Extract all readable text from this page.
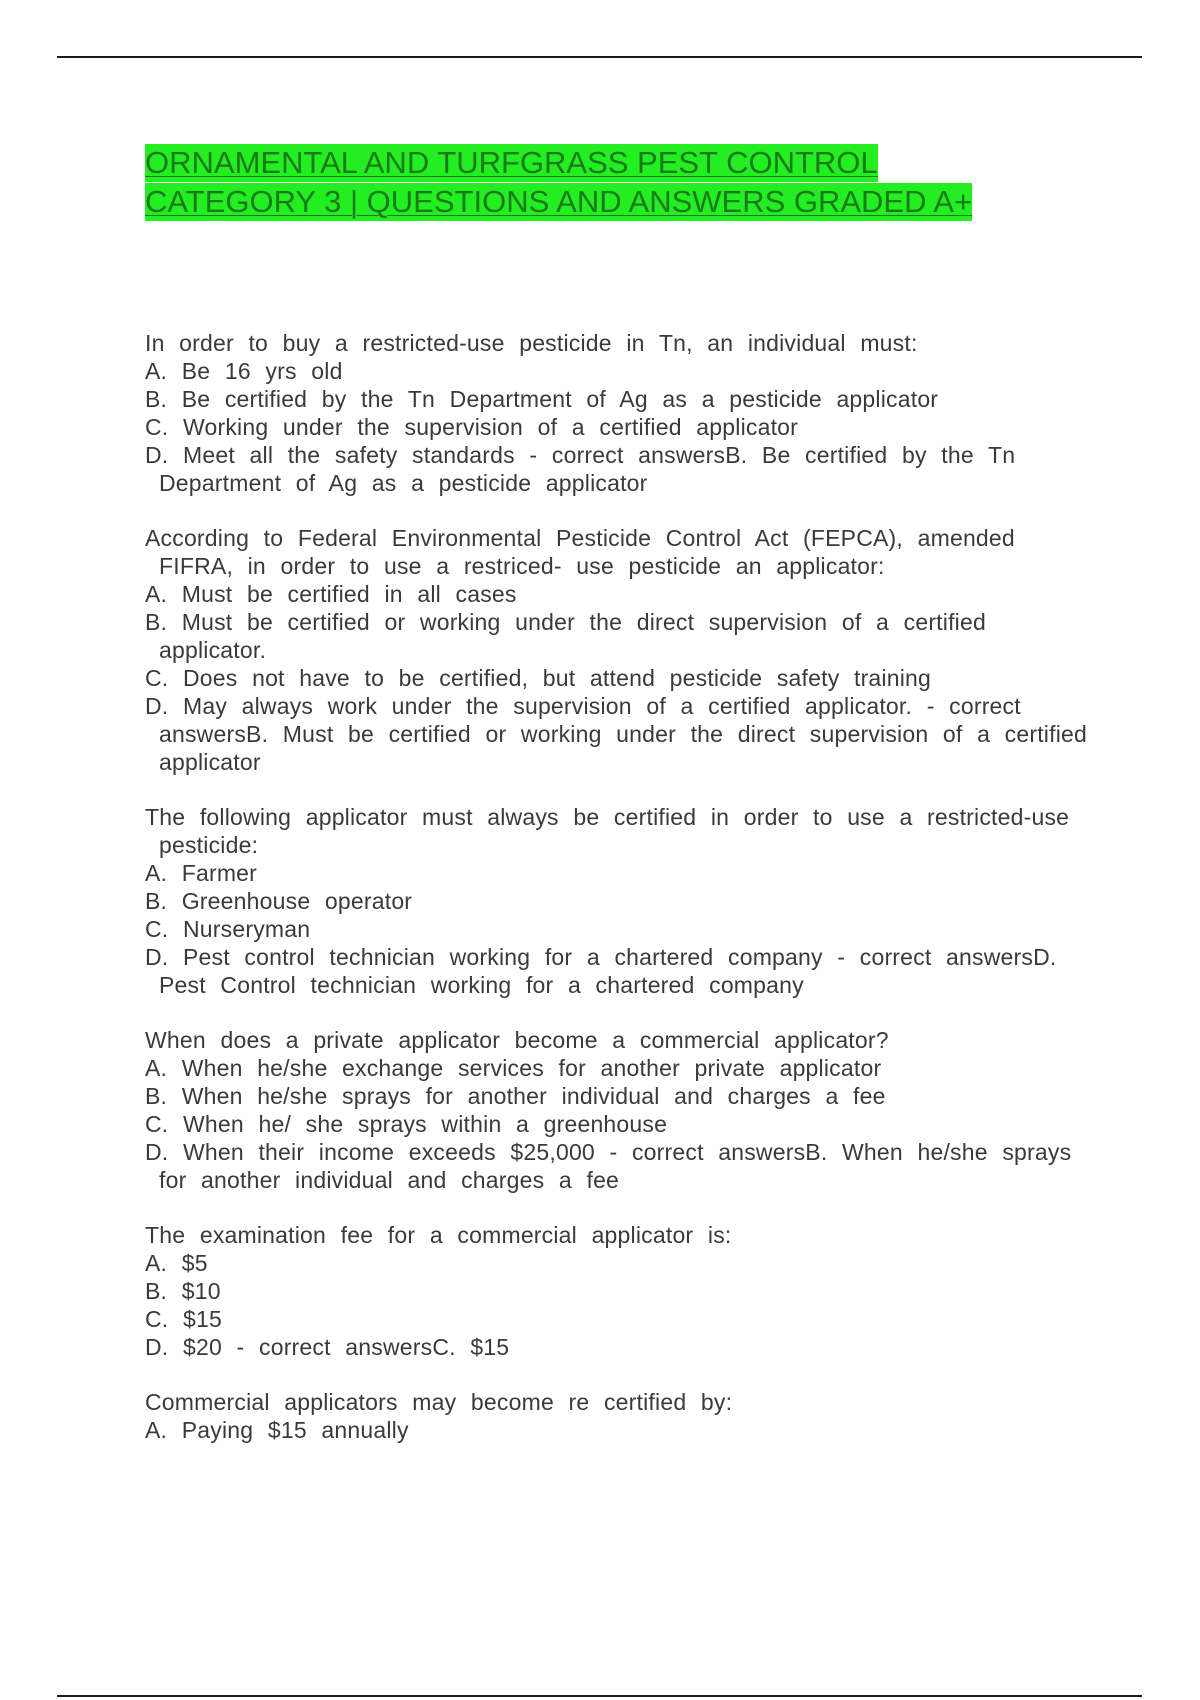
ORNAMENTAL AND TURFGRASS PEST CONTROL
CATEGORY 3 | QUESTIONS AND ANSWERS GRADED A+
In order to buy a restricted-use pesticide in Tn, an individual must:
A. Be 16 yrs old
B. Be certified by the Tn Department of Ag as a pesticide applicator
C. Working under the supervision of a certified applicator
D. Meet all the safety standards - correct answersB. Be certified by the Tn Department of Ag as a pesticide applicator
According to Federal Environmental Pesticide Control Act (FEPCA), amended FIFRA, in order to use a restriced- use pesticide an applicator:
A. Must be certified in all cases
B. Must be certified or working under the direct supervision of a certified applicator.
C. Does not have to be certified, but attend pesticide safety training
D. May always work under the supervision of a certified applicator. - correct answersB. Must be certified or working under the direct supervision of a certified applicator
The following applicator must always be certified in order to use a restricted-use pesticide:
A. Farmer
B. Greenhouse operator
C. Nurseryman
D. Pest control technician working for a chartered company - correct answersD. Pest Control technician working for a chartered company
When does a private applicator become a commercial applicator?
A. When he/she exchange services for another private applicator
B. When he/she sprays for another individual and charges a fee
C. When he/ she sprays within a greenhouse
D. When their income exceeds $25,000 - correct answersB. When he/she sprays for another individual and charges a fee
The examination fee for a commercial applicator is:
A. $5
B. $10
C. $15
D. $20 - correct answersC. $15
Commercial applicators may become re certified by:
A. Paying $15 annually
